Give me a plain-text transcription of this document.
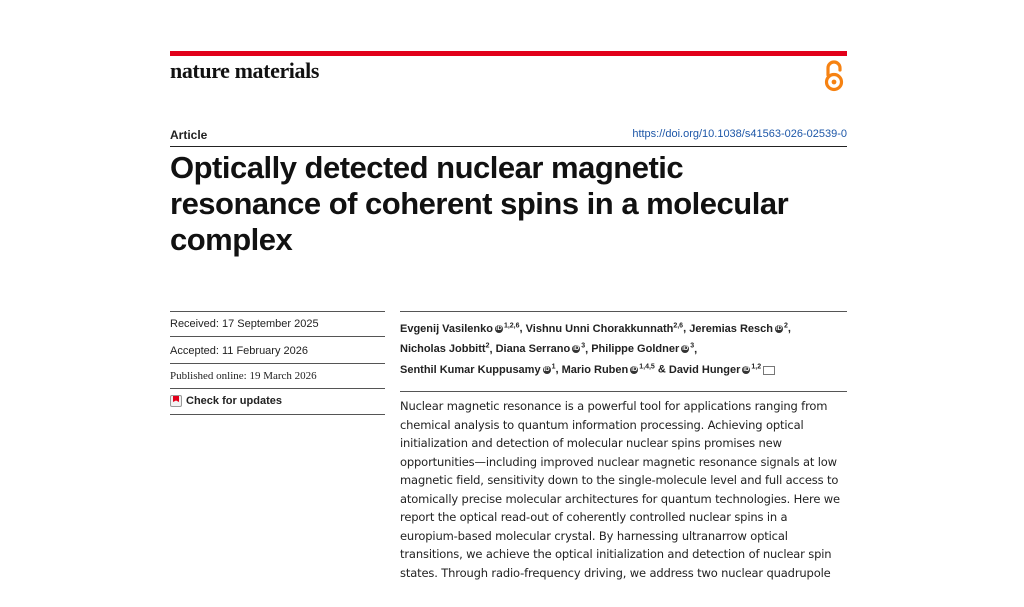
nature materials
Article	https://doi.org/10.1038/s41563-026-02539-0
Optically detected nuclear magnetic resonance of coherent spins in a molecular complex
Received: 17 September 2025
Accepted: 11 February 2026
Published online: 19 March 2026
Check for updates
Evgenij Vasilenko iD $^{1,2,6}$, Vishnu Unni Chorakkunnath$^{2,6}$, Jeremias Resch iD $^2$,
Nicholas Jobbitt$^2$, Diana Serrano iD $^3$, Philippe Goldner iD $^3$,
Senthil Kumar Kuppusamy iD $^1$, Mario Ruben iD $^{1,4,5}$ & David Hunger iD $^{1,2}$

Nuclear magnetic resonance is a powerful tool for applications ranging from chemical analysis to quantum information processing. Achieving optical initialization and detection of molecular nuclear spins promises new opportunities—including improved nuclear magnetic resonance signals at low magnetic field, sensitivity down to the single-molecule level and full access to atomically precise molecular architectures for quantum technologies. Here we report the optical read-out of coherently controlled nuclear spins in a europium-based molecular crystal. By harnessing ultranarrow optical transitions, we achieve the optical initialization and detection of nuclear spin states. Through radio-frequency driving, we address two nuclear quadrupole
